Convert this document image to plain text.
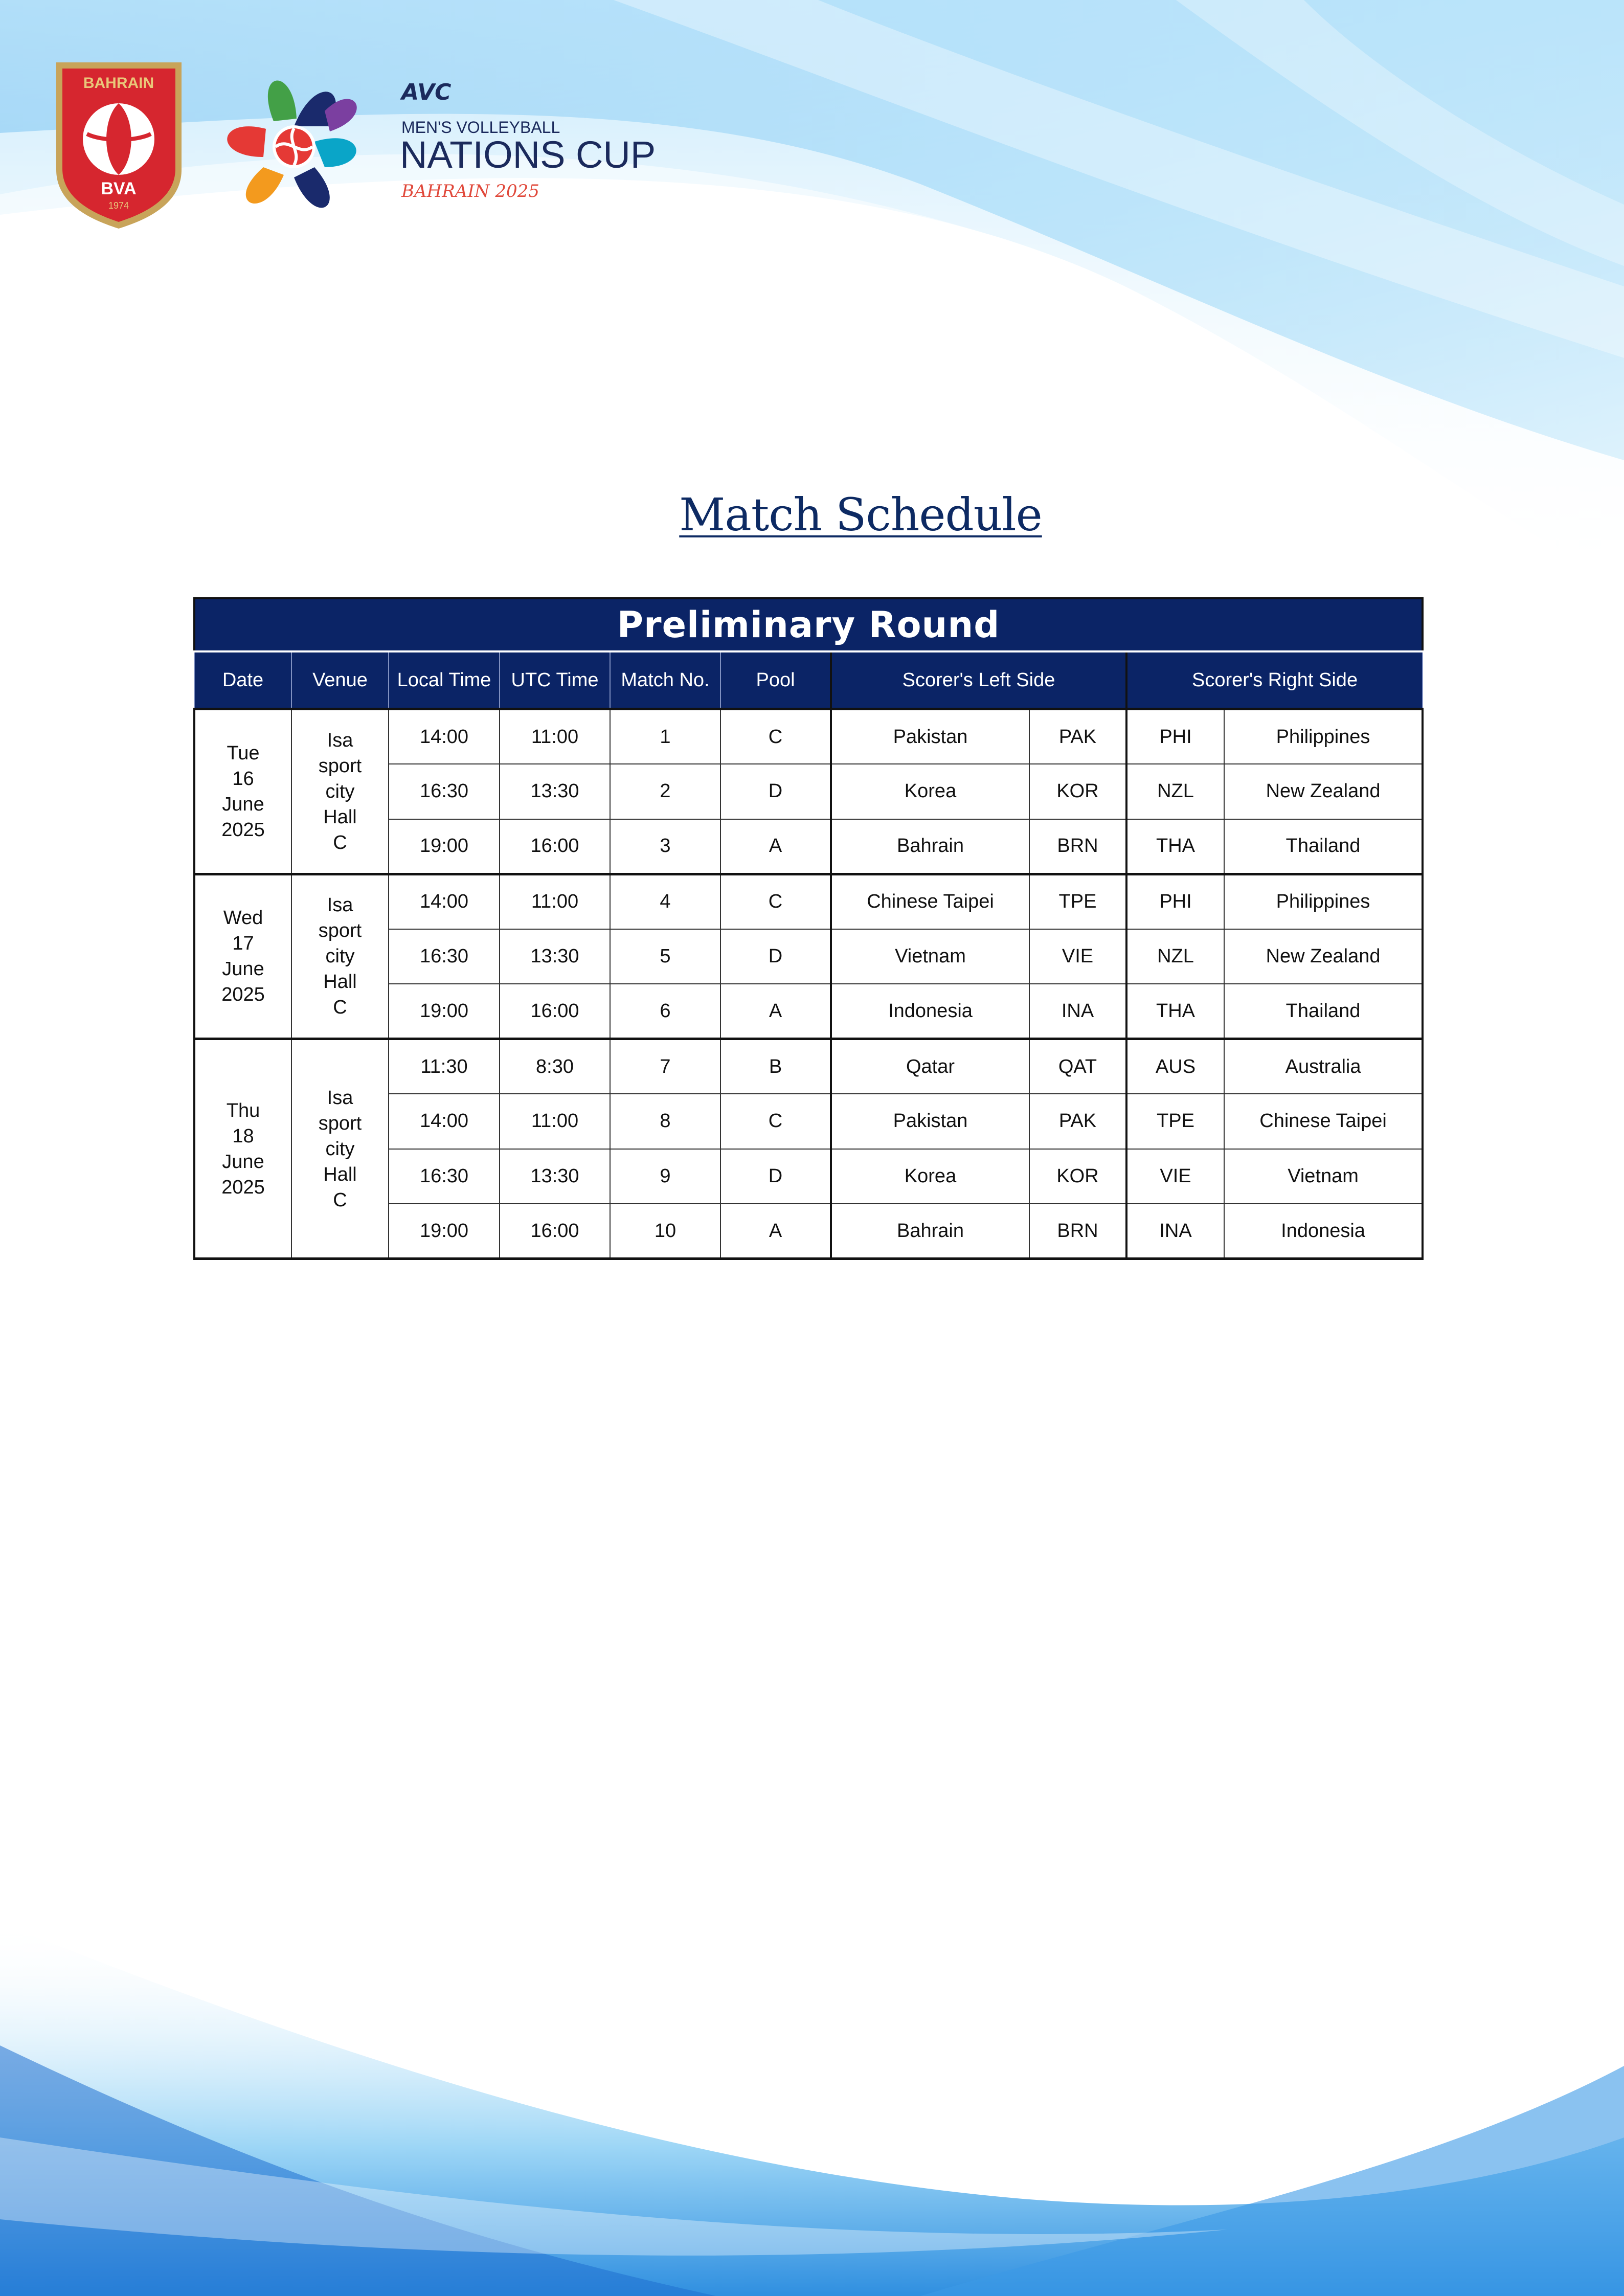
BAHRAIN
BVA
1974
AVC
MEN'S VOLLEYBALL
NATIONS CUP
BAHRAIN 2025
Match Schedule
Preliminary Round									
Date	Venue	Local Time	UTC Time	Match No.	Pool	Scorer's Left Side		Scorer's Right Side	
Tue
16
June
2025	Isa
sport
city
Hall
C	14:00	11:00	1	C	Pakistan	PAK	PHI	Philippines
		16:30	13:30	2	D	Korea	KOR	NZL	New Zealand
		19:00	16:00	3	A	Bahrain	BRN	THA	Thailand
Wed
17
June
2025	Isa
sport
city
Hall
C	14:00	11:00	4	C	Chinese Taipei	TPE	PHI	Philippines
		16:30	13:30	5	D	Vietnam	VIE	NZL	New Zealand
		19:00	16:00	6	A	Indonesia	INA	THA	Thailand
Thu
18
June
2025	Isa
sport
city
Hall
C	11:30	8:30	7	B	Qatar	QAT	AUS	Australia
		14:00	11:00	8	C	Pakistan	PAK	TPE	Chinese Taipei
		16:30	13:30	9	D	Korea	KOR	VIE	Vietnam
		19:00	16:00	10	A	Bahrain	BRN	INA	Indonesia
